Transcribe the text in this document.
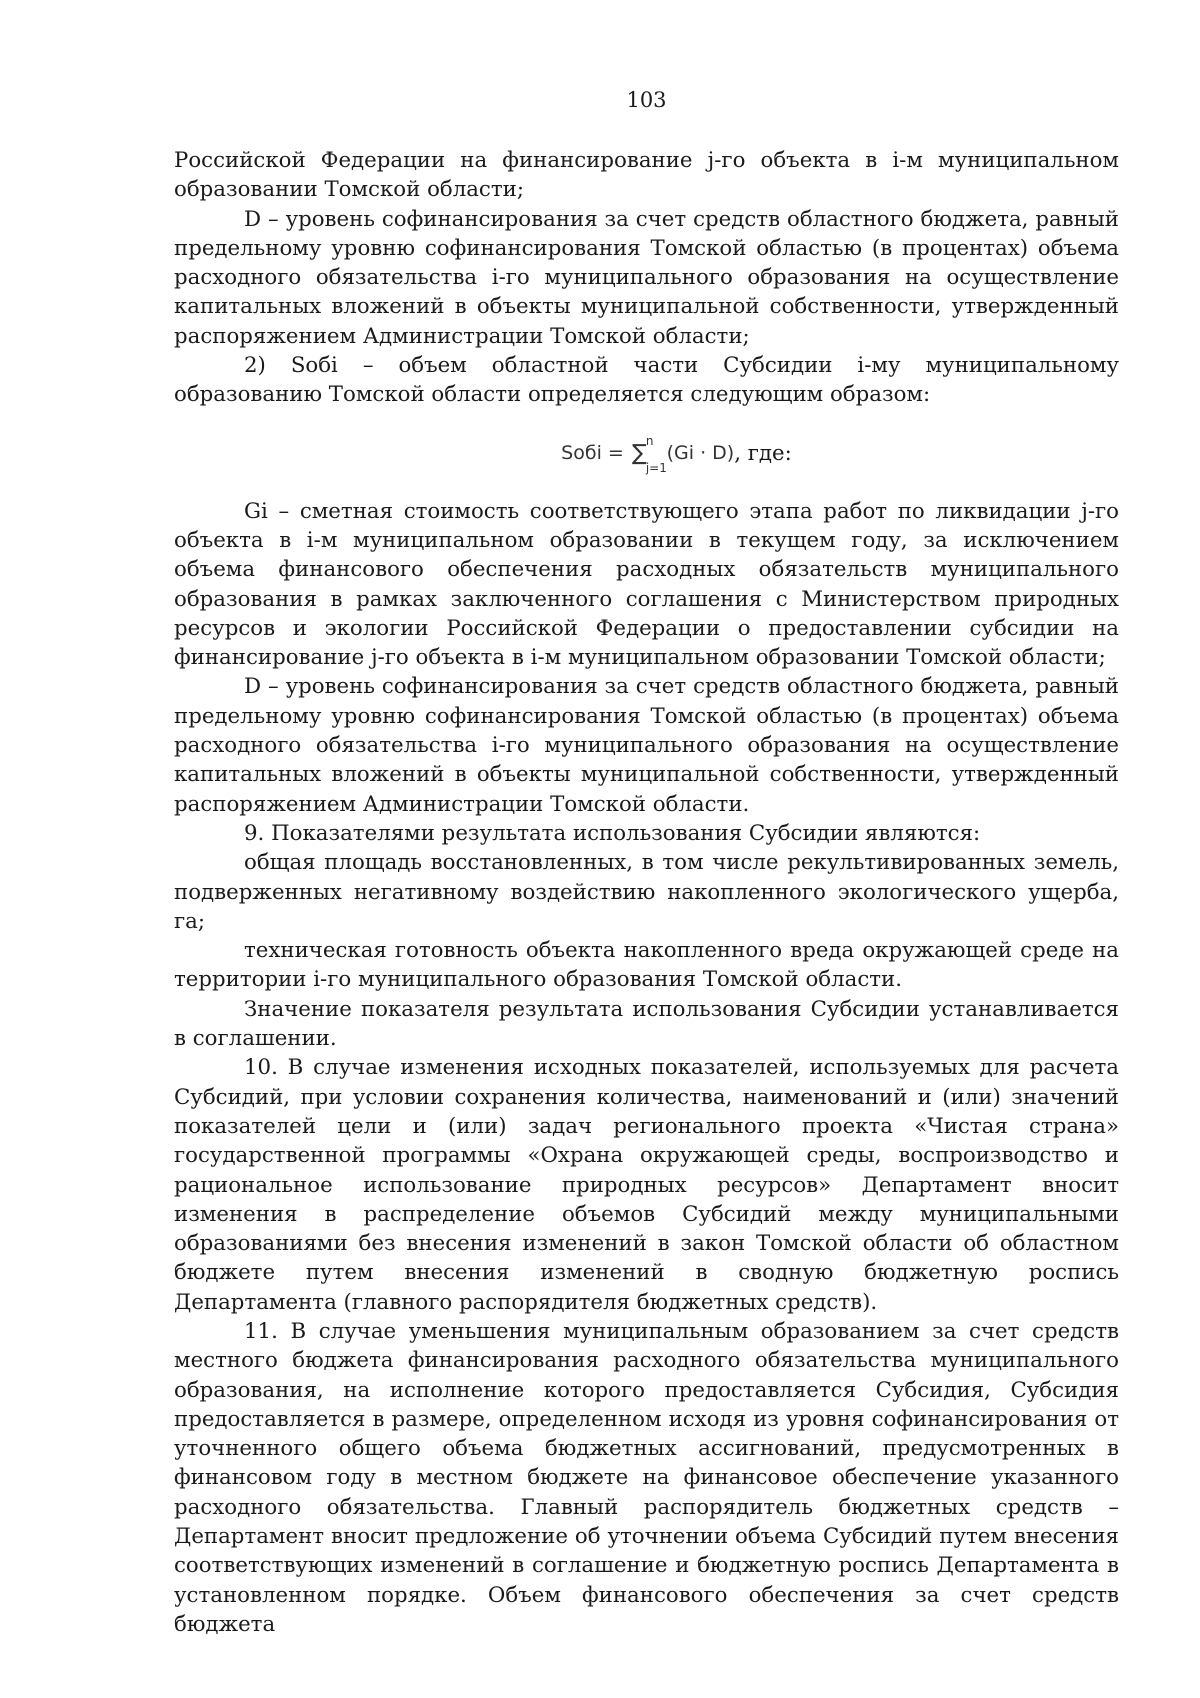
103

Российской Федерации на финансирование j-го объекта в i-м муниципальном образовании Томской области;

D – уровень софинансирования за счет средств областного бюджета, равный предельному уровню софинансирования Томской областью (в процентах) объема расходного обязательства i-го муниципального образования на осуществление капитальных вложений в объекты муниципальной собственности, утвержденный распоряжением Администрации Томской области;

2) Sобi – объем областной части Субсидии i-му муниципальному образованию Томской области определяется следующим образом:

Sобi = ∑ n
j=1
(Gi · D) , где:

Gi – сметная стоимость соответствующего этапа работ по ликвидации j-го объекта в i-м муниципальном образовании в текущем году, за исключением объема финансового обеспечения расходных обязательств муниципального образования в рамках заключенного соглашения с Министерством природных ресурсов и экологии Российской Федерации о предоставлении субсидии на финансирование j-го объекта в i-м муниципальном образовании Томской области;

D – уровень софинансирования за счет средств областного бюджета, равный предельному уровню софинансирования Томской областью (в процентах) объема расходного обязательства i-го муниципального образования на осуществление капитальных вложений в объекты муниципальной собственности, утвержденный распоряжением Администрации Томской области.

9. Показателями результата использования Субсидии являются:

общая площадь восстановленных, в том числе рекультивированных земель, подверженных негативному воздействию накопленного экологического ущерба, га;

техническая готовность объекта накопленного вреда окружающей среде на территории i-го муниципального образования Томской области.

Значение показателя результата использования Субсидии устанавливается в соглашении.

10. В случае изменения исходных показателей, используемых для расчета Субсидий, при условии сохранения количества, наименований и (или) значений показателей цели и (или) задач регионального проекта «Чистая страна» государственной программы «Охрана окружающей среды, воспроизводство и рациональное использование природных ресурсов» Департамент вносит изменения в распределение объемов Субсидий между муниципальными образованиями без внесения изменений в закон Томской области об областном бюджете путем внесения изменений в сводную бюджетную роспись Департамента (главного распорядителя бюджетных средств).

11. В случае уменьшения муниципальным образованием за счет средств местного бюджета финансирования расходного обязательства муниципального образования, на исполнение которого предоставляется Субсидия, Субсидия предоставляется в размере, определенном исходя из уровня софинансирования от уточненного общего объема бюджетных ассигнований, предусмотренных в финансовом году в местном бюджете на финансовое обеспечение указанного расходного обязательства. Главный распорядитель бюджетных средств – Департамент вносит предложение об уточнении объема Субсидий путем внесения соответствующих изменений в соглашение и бюджетную роспись Департамента в установленном порядке. Объем финансового обеспечения за счет средств бюджета
